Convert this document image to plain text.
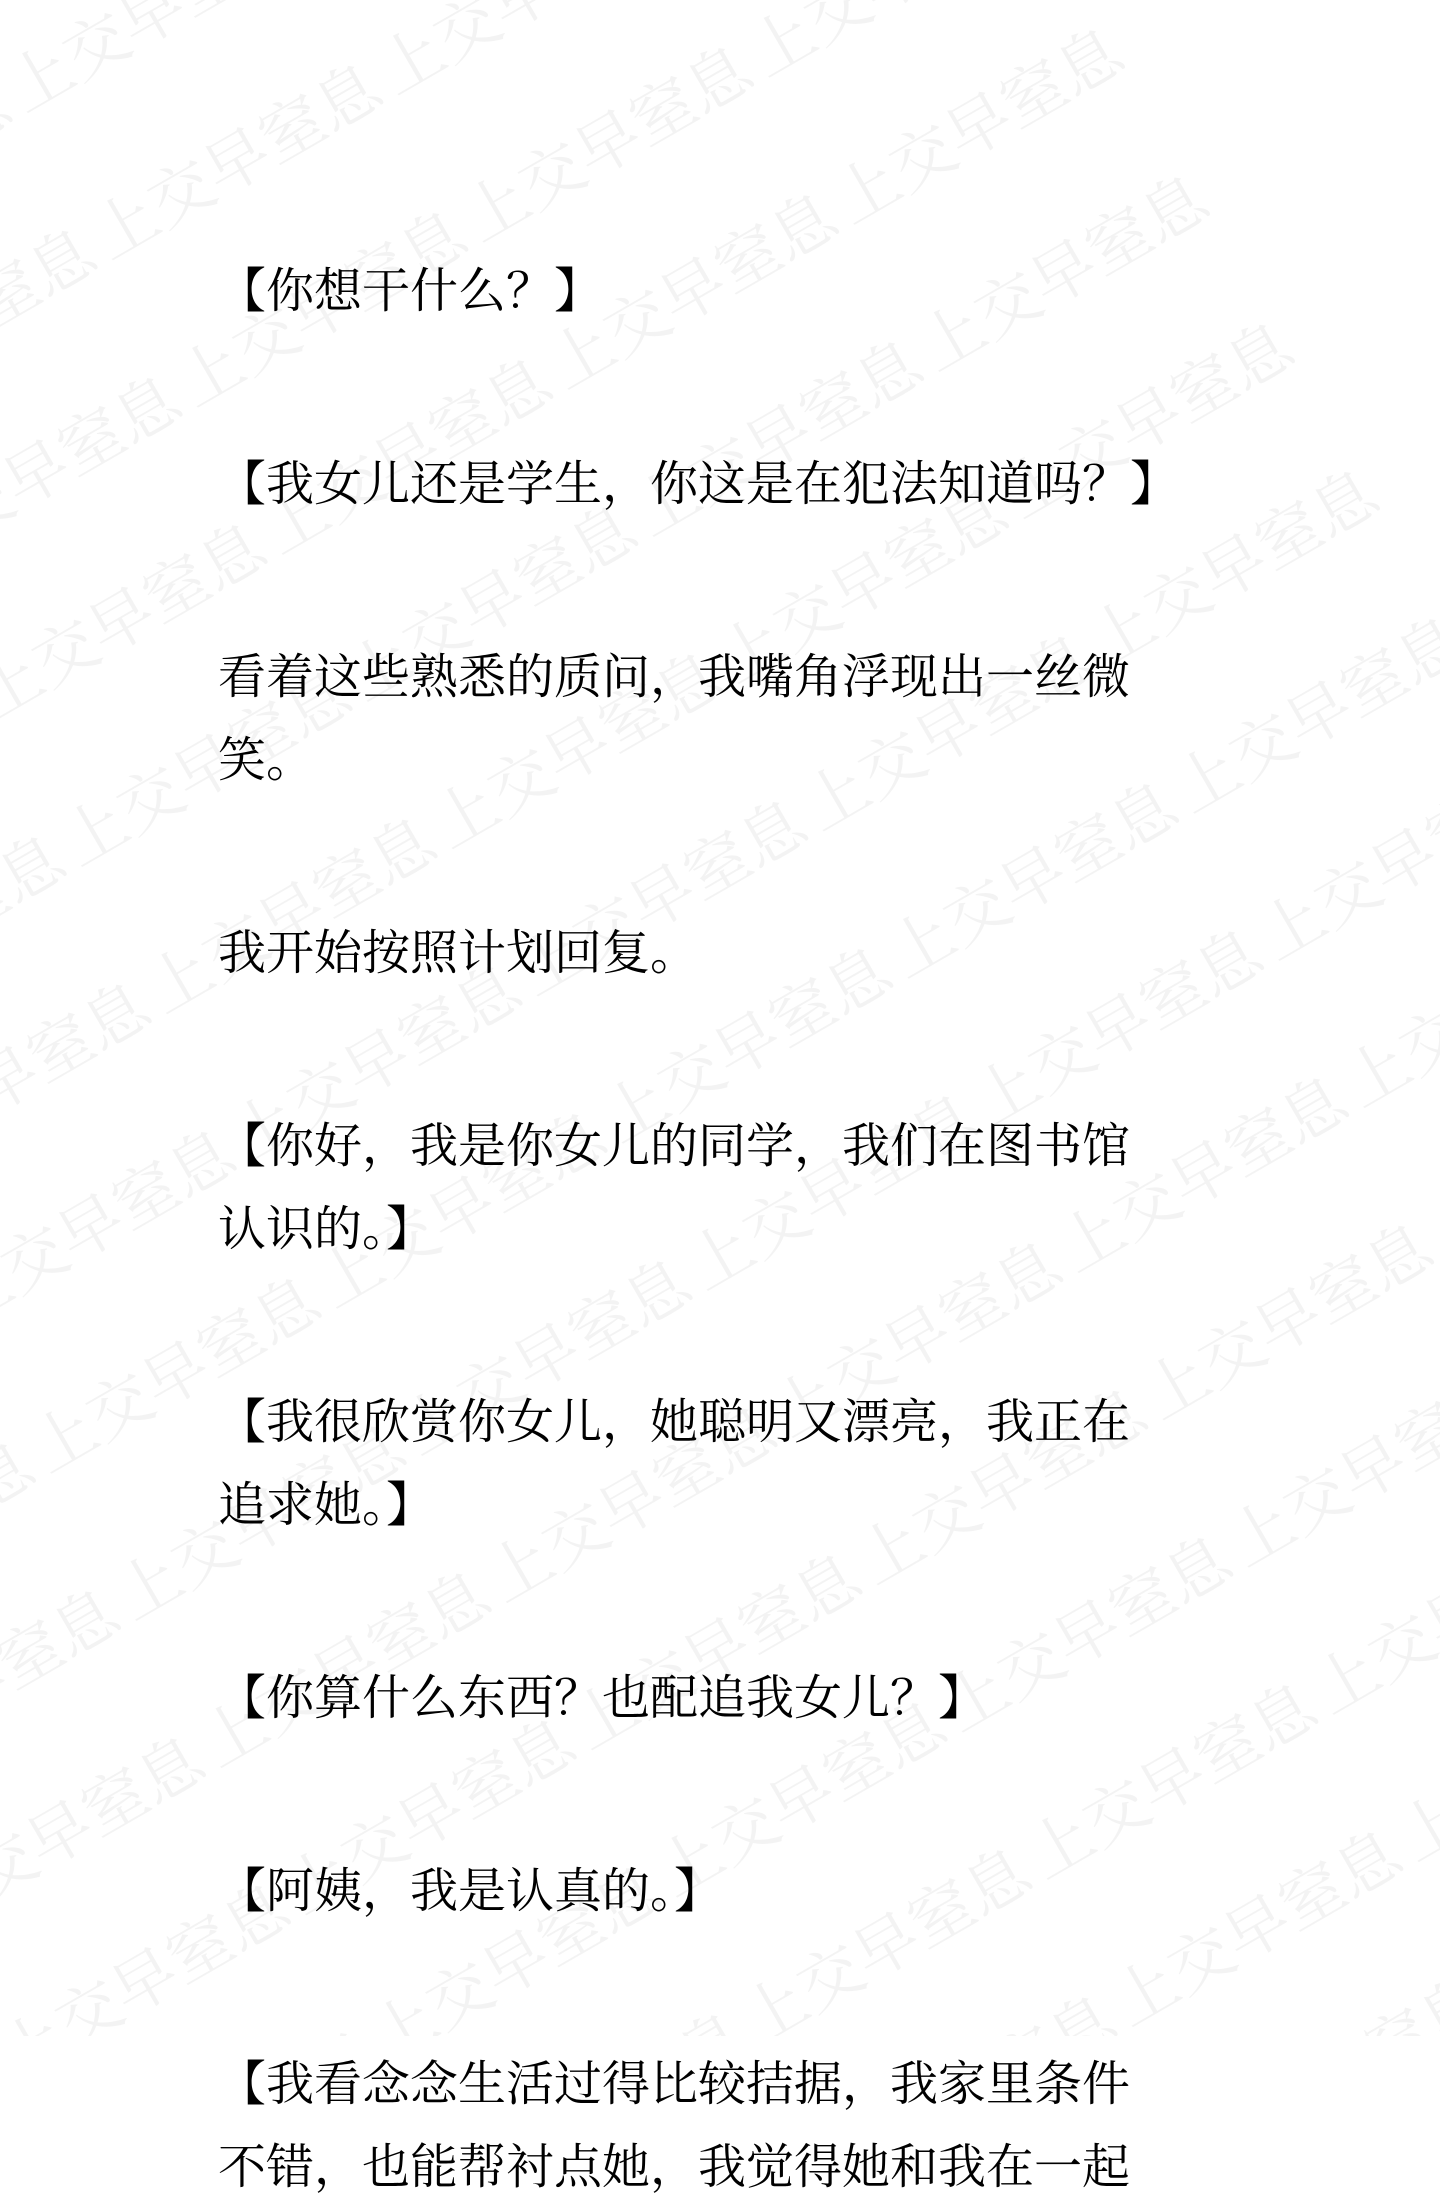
【你想干什么？】

【我女儿还是学生，你这是在犯法知道吗？】

看着这些熟悉的质问，我嘴角浮现出一丝微
笑。

我开始按照计划回复。

【你好，我是你女儿的同学，我们在图书馆
认识的。】

【我很欣赏你女儿，她聪明又漂亮，我正在
追求她。】

【你算什么东西？也配追我女儿？】

【阿姨，我是认真的。】

【我看念念生活过得比较拮据，我家里条件
不错，也能帮衬点她，我觉得她和我在一起
